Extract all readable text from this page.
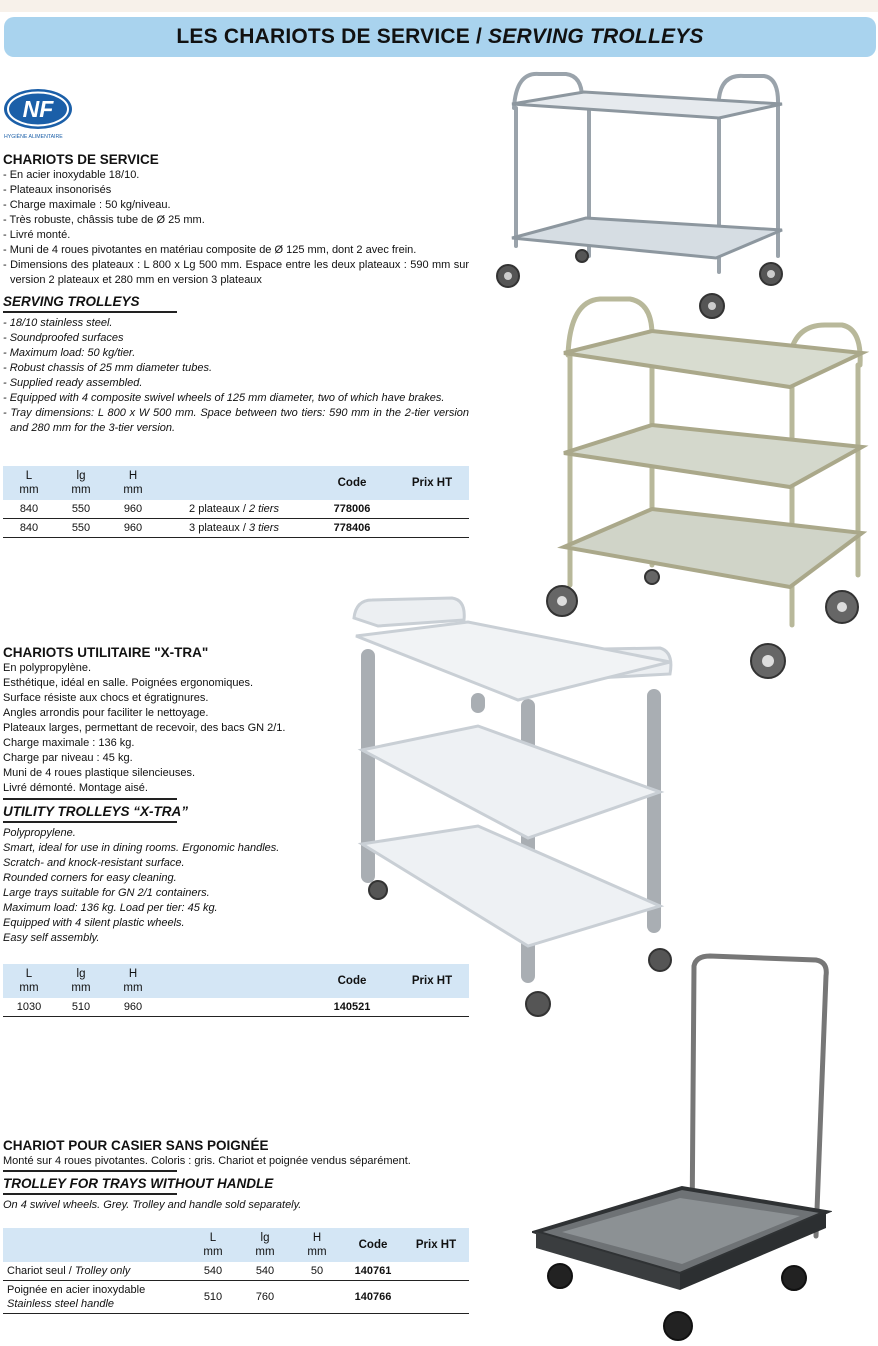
LES CHARIOTS DE SERVICE / SERVING TROLLEYS
NF
HYGIÈNE ALIMENTAIRE
CHARIOTS DE SERVICE
- En acier inoxydable 18/10.
- Plateaux insonorisés
- Charge maximale : 50 kg/niveau.
- Très robuste, châssis tube de Ø 25 mm.
- Livré monté.
- Muni de 4 roues pivotantes en matériau composite de Ø 125 mm, dont 2 avec frein.
- Dimensions des plateaux : L 800 x Lg 500 mm. Espace entre les deux plateaux : 590 mm sur version 2 plateaux et 280 mm en version 3 plateaux
SERVING TROLLEYS
- 18/10 stainless steel.
- Soundproofed surfaces
- Maximum load: 50 kg/tier.
- Robust chassis of 25 mm diameter tubes.
- Supplied ready assembled.
- Equipped with 4 composite swivel wheels of 125 mm diameter, two of which have brakes.
- Tray dimensions: L 800 x W 500 mm. Space between two tiers: 590 mm in the 2-tier version and 280 mm for the 3-tier version.
L
mm	lg
mm	H
mm		Code	Prix HT
840	550	960	2 plateaux / 2 tiers	778006	
840	550	960	3 plateaux / 3 tiers	778406	
CHARIOTS UTILITAIRE "X-TRA"

En polypropylène.

Esthétique, idéal en salle. Poignées ergonomiques.

Surface résiste aux chocs et égratignures.

Angles arrondis pour faciliter le nettoyage.

Plateaux larges, permettant de recevoir, des bacs GN 2/1.

Charge maximale : 136 kg.

Charge par niveau : 45 kg.

Muni de 4 roues plastique silencieuses.

Livré démonté. Montage aisé.

UTILITY TROLLEYS “X-TRA”

Polypropylene.

Smart, ideal for use in dining rooms. Ergonomic handles.

Scratch- and knock-resistant surface.

Rounded corners for easy cleaning.

Large trays suitable for GN 2/1 containers.

Maximum load: 136 kg. Load per tier: 45 kg.

Equipped with 4 silent plastic wheels.

Easy self assembly.

L
mm	lg
mm	H
mm		Code	Prix HT
1030	510	960		140521	
CHARIOT POUR CASIER SANS POIGNÉE

Monté sur 4 roues pivotantes. Coloris : gris. Chariot et poignée vendus séparément.

TROLLEY FOR TRAYS WITHOUT HANDLE

On 4 swivel wheels. Grey. Trolley and handle sold separately.

	L
mm	lg
mm	H
mm	Code	Prix HT
Chariot seul / Trolley only	540	540	50	140761	
Poignée en acier inoxydable
Stainless steel handle	510	760		140766	
